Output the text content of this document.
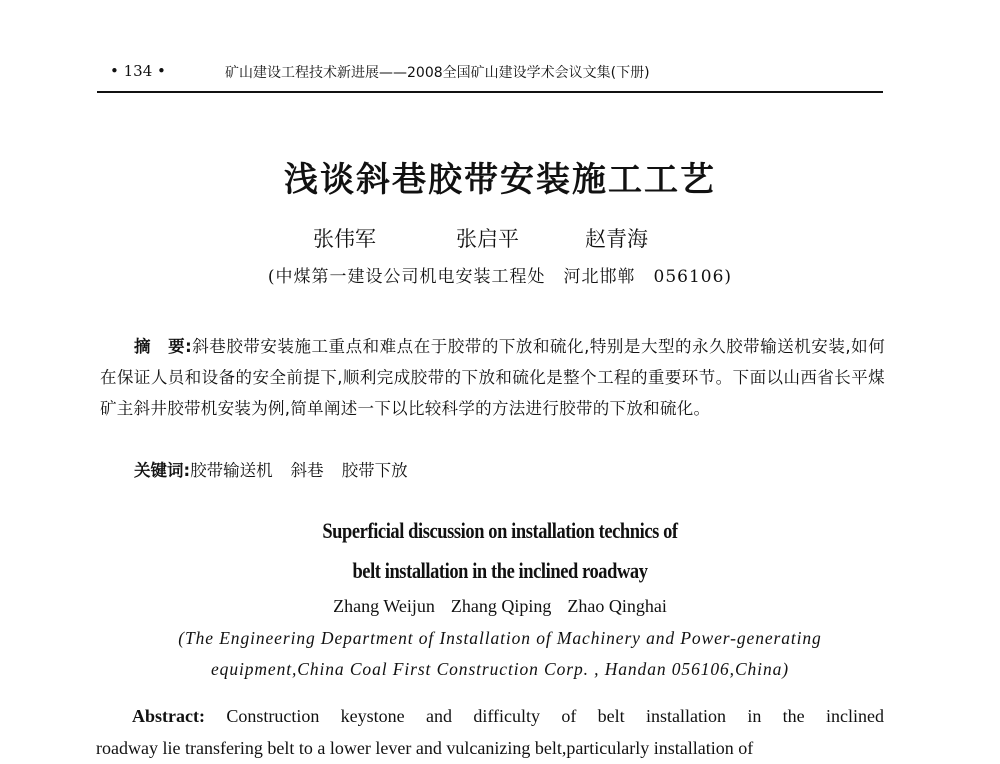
• 134 •	矿山建设工程技术新进展——2008全国矿山建设学术会议文集(下册)
浅谈斜巷胶带安装施工工艺
张伟军	张启平	赵青海
(中煤第一建设公司机电安装工程处　河北邯郸　056106)
摘　要:斜巷胶带安装施工重点和难点在于胶带的下放和硫化,特别是大型的永久胶带输送机安装,如何在保证人员和设备的安全前提下,顺利完成胶带的下放和硫化是整个工程的重要环节。下面以山西省长平煤矿主斜井胶带机安装为例,简单阐述一下以比较科学的方法进行胶带的下放和硫化。
关键词:胶带输送机 斜巷 胶带下放
Superficial discussion on installation technics of
belt installation in the inclined roadway
Zhang Weijun Zhang Qiping Zhao Qinghai
(The Engineering Department of Installation of Machinery and Power-generating
equipment,China Coal First Construction Corp. , Handan 056106,China)
Abstract: Construction keystone and difficulty of belt installation in the inclined
roadway lie transfering belt to a lower lever and vulcanizing belt,particularly installation of
